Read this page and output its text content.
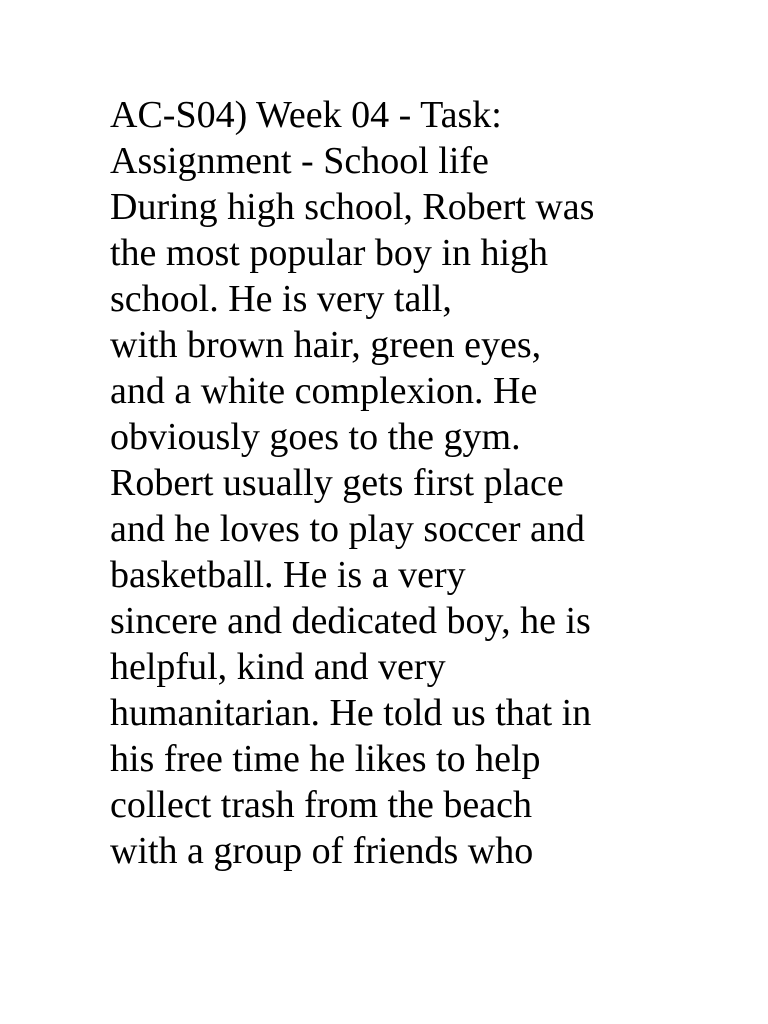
AC-S04) Week 04 - Task:
Assignment - School life
During high school, Robert was
the most popular boy in high
school. He is very tall,
with brown hair, green eyes,
and a white complexion. He
obviously goes to the gym.
Robert usually gets first place
and he loves to play soccer and
basketball. He is a very
sincere and dedicated boy, he is
helpful, kind and very
humanitarian. He told us that in
his free time he likes to help
collect trash from the beach
with a group of friends who
